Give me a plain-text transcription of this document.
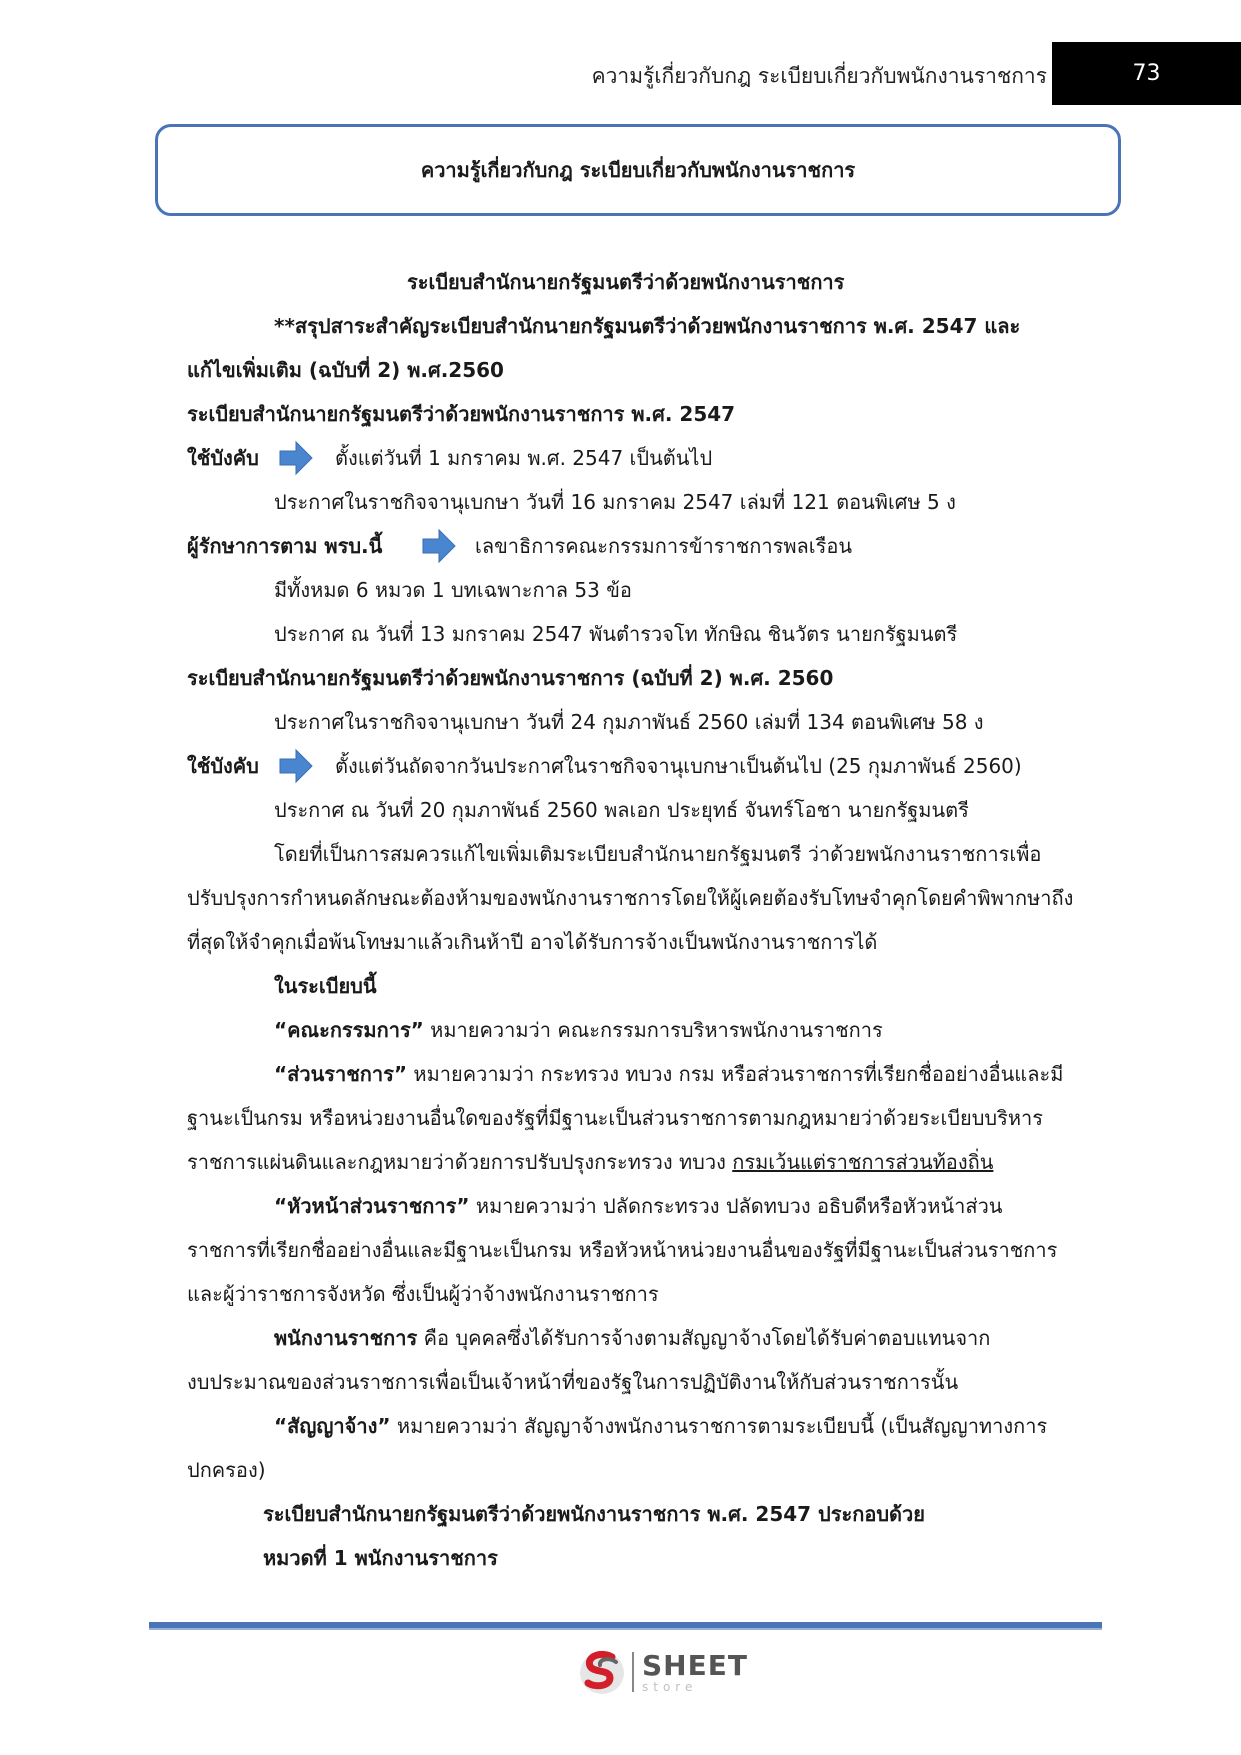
ความรู้เกี่ยวกับกฎ ระเบียบเกี่ยวกับพนักงานราชการ	73
ความรู้เกี่ยวกับกฎ ระเบียบเกี่ยวกับพนักงานราชการ
ระเบียบสำนักนายกรัฐมนตรีว่าด้วยพนักงานราชการ
**สรุปสาระสำคัญระเบียบสำนักนายกรัฐมนตรีว่าด้วยพนักงานราชการ พ.ศ. 2547 และ
แก้ไขเพิ่มเติม (ฉบับที่ 2) พ.ศ.2560
ระเบียบสำนักนายกรัฐมนตรีว่าด้วยพนักงานราชการ พ.ศ. 2547
ใช้บังคับ	ตั้งแต่วันที่ 1 มกราคม พ.ศ. 2547 เป็นต้นไป
ประกาศในราชกิจจานุเบกษา วันที่ 16 มกราคม 2547 เล่มที่ 121 ตอนพิเศษ 5 ง
ผู้รักษาการตาม พรบ.นี้	เลขาธิการคณะกรรมการข้าราชการพลเรือน
มีทั้งหมด 6 หมวด 1 บทเฉพาะกาล 53 ข้อ
ประกาศ ณ วันที่ 13 มกราคม 2547 พันตำรวจโท ทักษิณ ชินวัตร นายกรัฐมนตรี
ระเบียบสำนักนายกรัฐมนตรีว่าด้วยพนักงานราชการ (ฉบับที่ 2) พ.ศ. 2560
ประกาศในราชกิจจานุเบกษา วันที่ 24 กุมภาพันธ์ 2560 เล่มที่ 134 ตอนพิเศษ 58 ง
ใช้บังคับ	ตั้งแต่วันถัดจากวันประกาศในราชกิจจานุเบกษาเป็นต้นไป (25 กุมภาพันธ์ 2560)
ประกาศ ณ วันที่ 20 กุมภาพันธ์ 2560 พลเอก ประยุทธ์ จันทร์โอชา นายกรัฐมนตรี
โดยที่เป็นการสมควรแก้ไขเพิ่มเติมระเบียบสำนักนายกรัฐมนตรี ว่าด้วยพนักงานราชการเพื่อ
ปรับปรุงการกำหนดลักษณะต้องห้ามของพนักงานราชการโดยให้ผู้เคยต้องรับโทษจำคุกโดยคำพิพากษาถึง
ที่สุดให้จำคุกเมื่อพ้นโทษมาแล้วเกินห้าปี อาจได้รับการจ้างเป็นพนักงานราชการได้
ในระเบียบนี้
“คณะกรรมการ” หมายความว่า คณะกรรมการบริหารพนักงานราชการ
“ส่วนราชการ” หมายความว่า กระทรวง ทบวง กรม หรือส่วนราชการที่เรียกชื่ออย่างอื่นและมี
ฐานะเป็นกรม หรือหน่วยงานอื่นใดของรัฐที่มีฐานะเป็นส่วนราชการตามกฎหมายว่าด้วยระเบียบบริหาร
ราชการแผ่นดินและกฎหมายว่าด้วยการปรับปรุงกระทรวง ทบวง กรมเว้นแต่ราชการส่วนท้องถิ่น
“หัวหน้าส่วนราชการ” หมายความว่า ปลัดกระทรวง ปลัดทบวง อธิบดีหรือหัวหน้าส่วน
ราชการที่เรียกชื่ออย่างอื่นและมีฐานะเป็นกรม หรือหัวหน้าหน่วยงานอื่นของรัฐที่มีฐานะเป็นส่วนราชการ
และผู้ว่าราชการจังหวัด ซึ่งเป็นผู้ว่าจ้างพนักงานราชการ
พนักงานราชการ คือ บุคคลซึ่งได้รับการจ้างตามสัญญาจ้างโดยได้รับค่าตอบแทนจาก
งบประมาณของส่วนราชการเพื่อเป็นเจ้าหน้าที่ของรัฐในการปฏิบัติงานให้กับส่วนราชการนั้น
“สัญญาจ้าง” หมายความว่า สัญญาจ้างพนักงานราชการตามระเบียบนี้ (เป็นสัญญาทางการ
ปกครอง)
ระเบียบสำนักนายกรัฐมนตรีว่าด้วยพนักงานราชการ พ.ศ. 2547 ประกอบด้วย
หมวดที่ 1 พนักงานราชการ
SHEET
store
